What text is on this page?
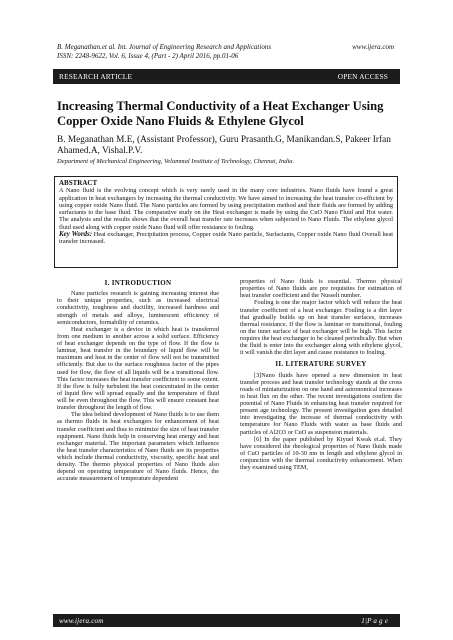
B. Meganathan.et al. Int. Journal of Engineering Research and Applications	www.ijera.com
ISSN: 2248-9622, Vol. 6, Issue 4, (Part - 2) April 2016, pp.01-06
RESEARCH ARTICLE	OPEN ACCESS
Increasing Thermal Conductivity of a Heat Exchanger Using Copper Oxide Nano Fluids & Ethylene Glycol
B. Meganathan M.E, (Assistant Professor), Guru Prasanth.G, Manikandan.S, Pakeer Irfan Ahamed.A, Vishal.P.V.
Department of Mechanical Engineering, Velammal Institute of Technology, Chennai, India.
ABSTRACT
A Nano fluid is the evolving concept which is very rarely used in the many core industries. Nano fluids have found a great application in heat exchangers by increasing the thermal conductivity. We have aimed to increasing the heat transfer co-efficient by using copper oxide Nano fluid. The Nano particles are formed by using precipitation method and their fluids are formed by adding surfactants to the base fluid. The comparative study on the Heat exchanger is made by using the CuO Nano Fluid and Hot water. The analysis and the results shows that the overall heat transfer rate increases when subjected to Nano Fluids. The ethylene glycol fluid used along with copper oxide Nano fluid will offer resistance to fouling.
Key Words: Heat exchanger, Precipitation process, Copper oxide Nano particle, Surfactants, Copper oxide Nano fluid Overall heat transfer increased.
I. INTRODUCTION

Nano particles research is gaining increasing interest due to their unique properties, such as increased electrical conductivity, toughness and ductility, increased hardness and strength of metals and alloys, luminescent efficiency of semiconductors, formability of ceramics.

Heat exchanger is a device in which heat is transferred from one medium to another across a solid surface. Efficiency of heat exchanger depends on the type of flow. If the flow is laminar, heat transfer in the boundary of liquid flow will be maximum and heat in the center of flow will not be transmitted efficiently. But due to the surface roughness factor of the pipes used for flow, the flow of all liquids will be a transitional flow. This factor increases the heat transfer coefficient to some extent. If the flow is fully turbulent the heat concentrated in the center of liquid flow will spread equally and the temperature of fluid will be even throughout the flow. This will ensure constant heat transfer throughout the length of flow.

The idea behind development of Nano fluids is to use them as thermo fluids in heat exchangers for enhancement of heat transfer coefficient and thus to minimize the size of heat transfer equipment. Nano fluids help in conserving heat energy and heat exchanger material. The important parameters which influence the heat transfer characteristics of Nano fluids are its properties which include thermal conductivity, viscosity, specific heat and density. The thermo physical properties of Nano fluids also depend on operating temperature of Nano fluids. Hence, the accurate measurement of temperature dependent

properties of Nano fluids is essential. Thermo physical properties of Nano fluids are pre requisites for estimation of heat transfer coefficient and the Nusselt number.

Fouling is one the major factor which will reduce the heat transfer coefficient of a heat exchanger. Fouling is a dirt layer that gradually builds up on heat transfer surfaces, increases thermal resistance. If the flow is laminar or transitional, fouling on the inner surface of heat exchanger will be high. This factor requires the heat exchanger to be cleaned periodically. But when the fluid is enter into the exchanger along with ethylene glycol, it will vanish the dirt layer and cause resistance to fouling.

II. LITERATURE SURVEY

[3]Nano fluids have opened a new dimension in heat transfer process and heat transfer technology stands at the cross roads of miniaturization on one hand and astronomical increases in heat flux on the other. The recent investigations confirm the potential of Nano Fluids in enhancing heat transfer required for present age technology. The present investigation goes detailed into investigating the increase of thermal conductivity with temperature for Nano Fluids with water as base fluids and particles of Al2O3 or CuO as suspension materials.

[6] In the paper published by Kiyuel Kwak et.al. They have considered the rheological properties of Nano fluids made of CuO particles of 10-30 nm in length and ethylene glycol in conjunction with the thermal conductivity enhancement. When they examined using TEM,

www.ijera.com	1|P a g e
